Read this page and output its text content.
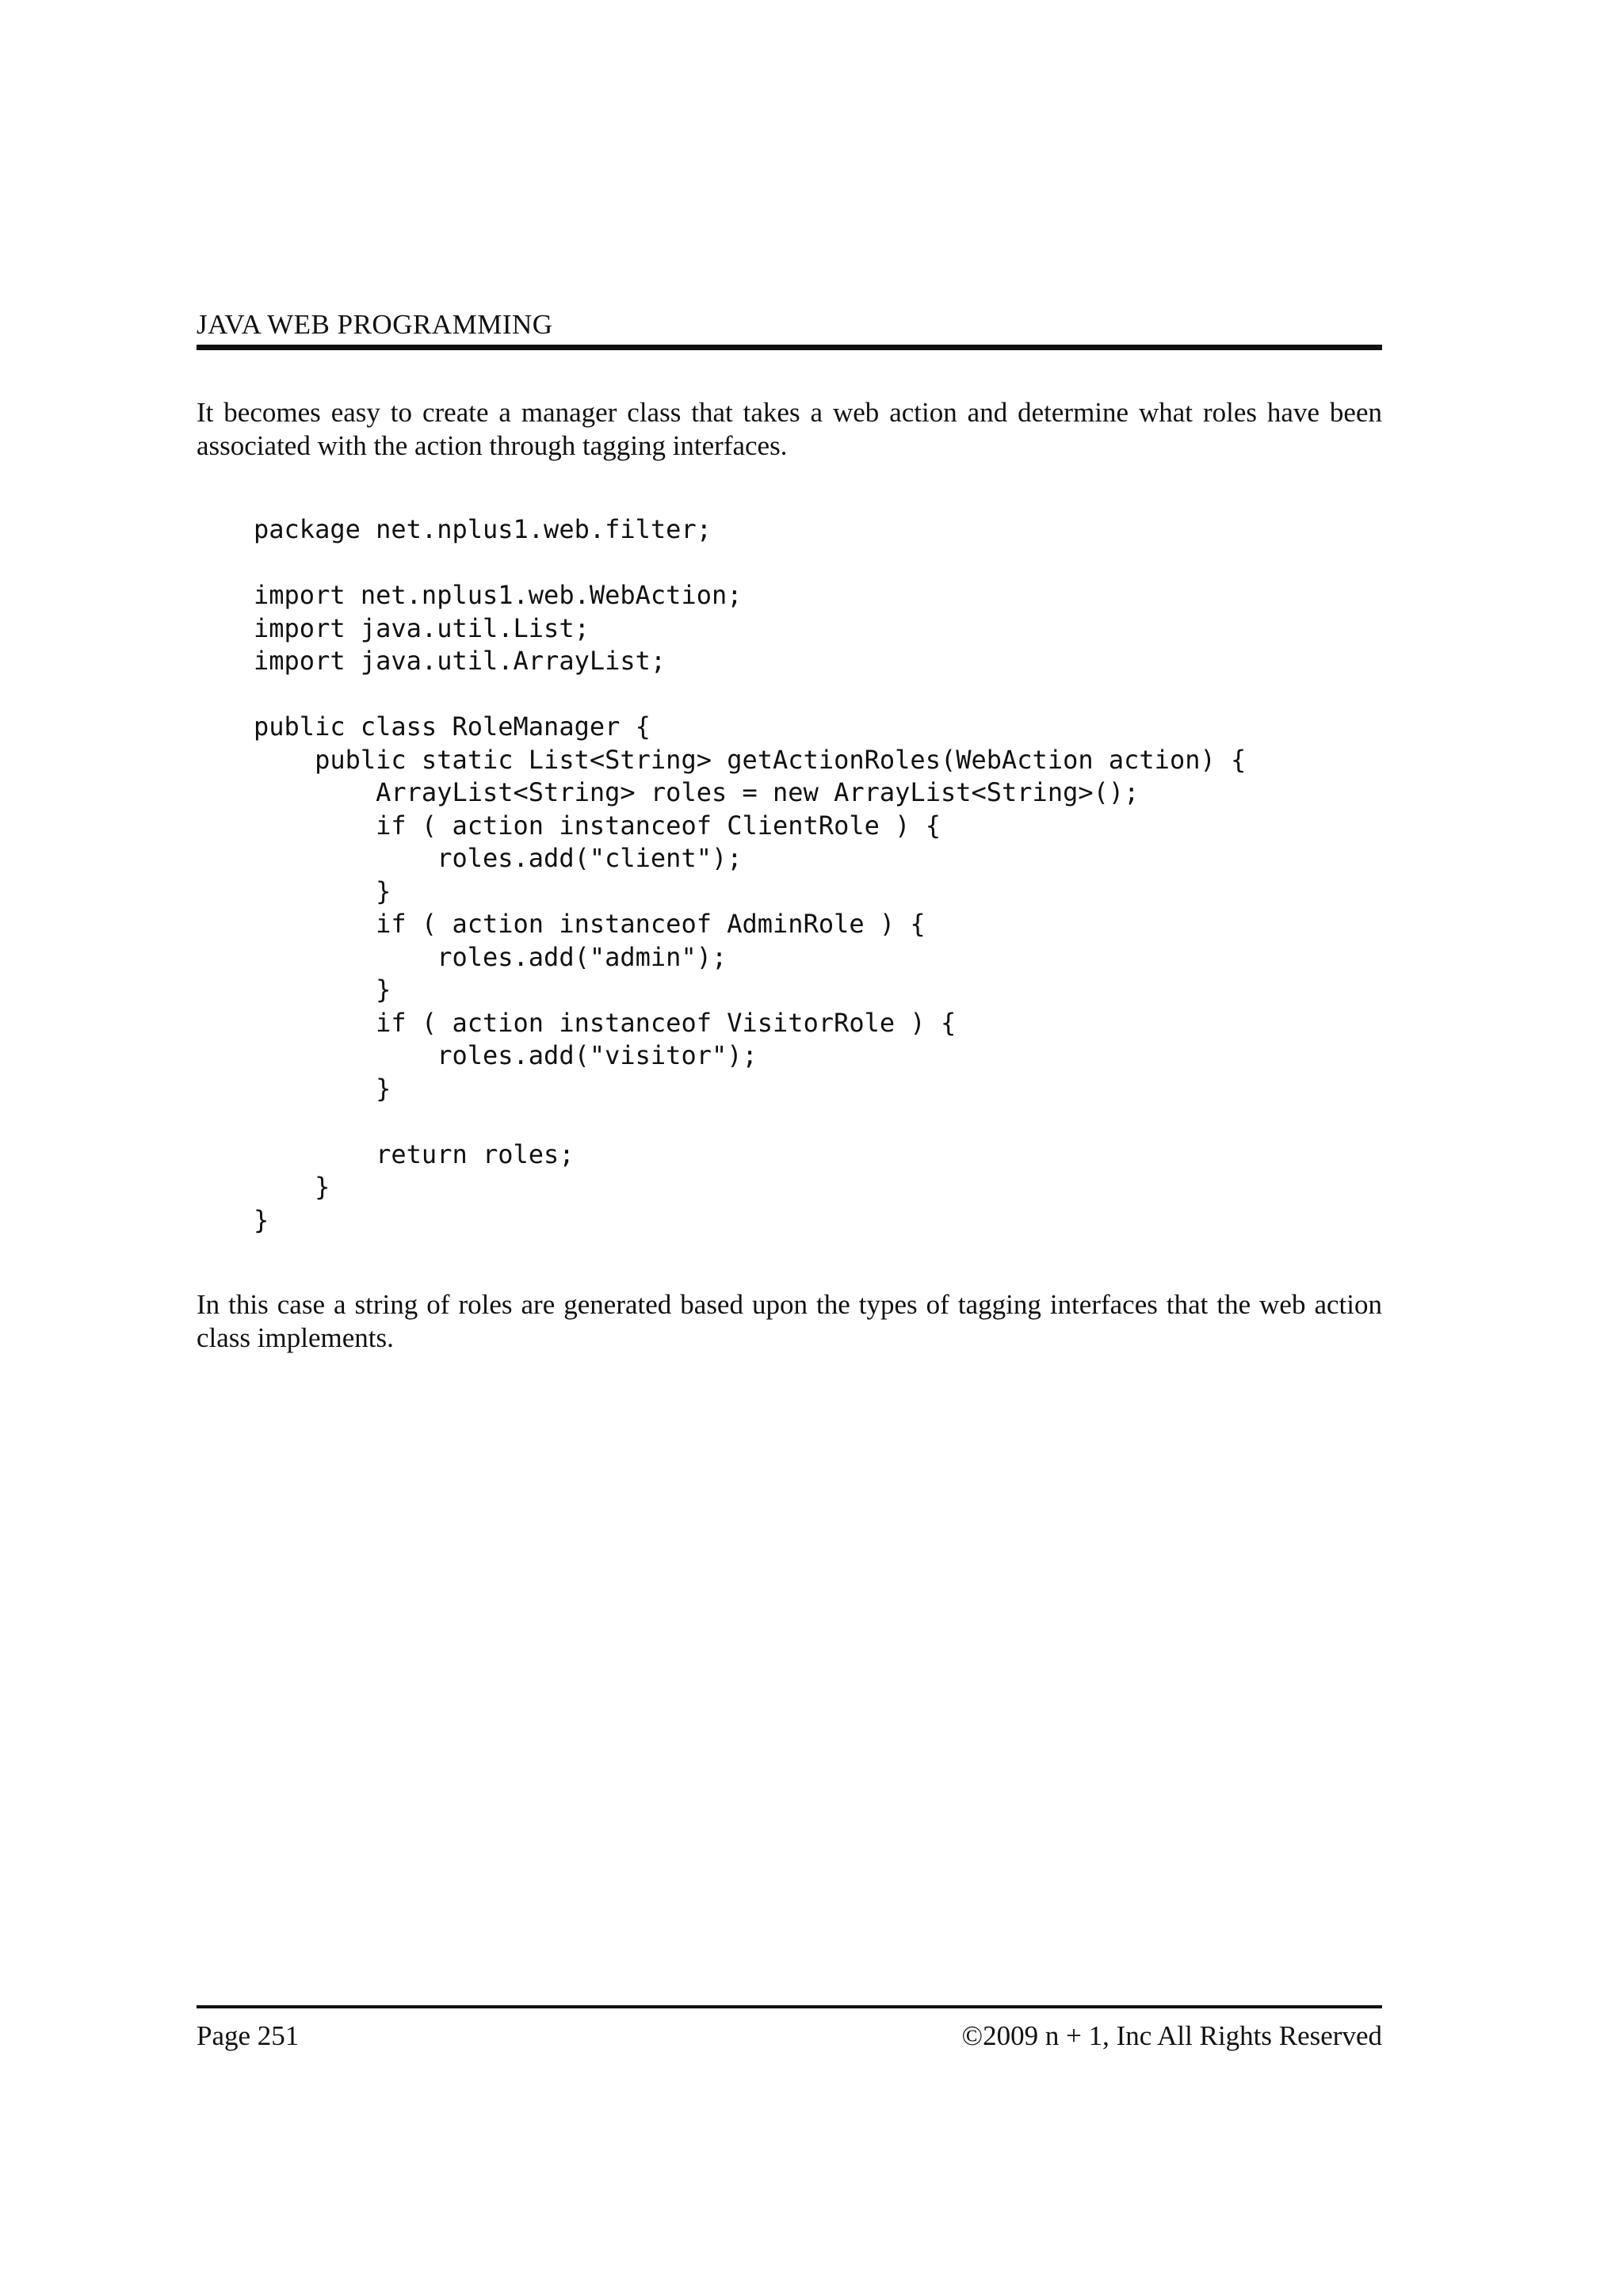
JAVA WEB PROGRAMMING

It becomes easy to create a manager class that takes a web action and determine what roles have been associated with the action through tagging interfaces.

package net.nplus1.web.filter;
import net.nplus1.web.WebAction;
import java.util.List;
import java.util.ArrayList;
public class RoleManager {
public static List<String> getActionRoles(WebAction action) {
ArrayList<String> roles = new ArrayList<String>();
if ( action instanceof ClientRole ) {
roles.add("client");
}
if ( action instanceof AdminRole ) {
roles.add("admin");
}
if ( action instanceof VisitorRole ) {
roles.add("visitor");
}
return roles;
}
}

In this case a string of roles are generated based upon the types of tagging interfaces that the web action class implements.

Page 251	©2009 n + 1, Inc All Rights Reserved
